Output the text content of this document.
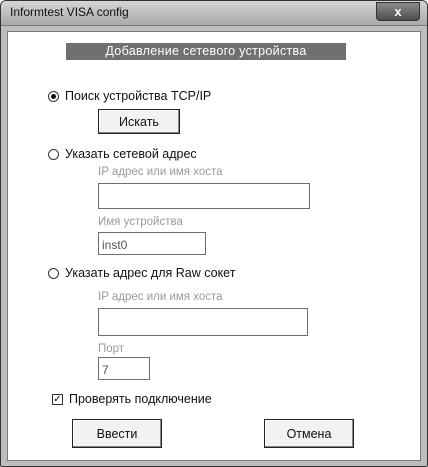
Informtest VISA config	x
Добавление сетевого устройства
Поиск устройства TCP/IP
Искать
Указать сетевой адрес
IP адрес или имя хоста
Имя устройства
inst0
Указать адрес для Raw сокет
IP адрес или имя хоста
Порт
7
✓ Проверять подключение
Ввести	Отмена
